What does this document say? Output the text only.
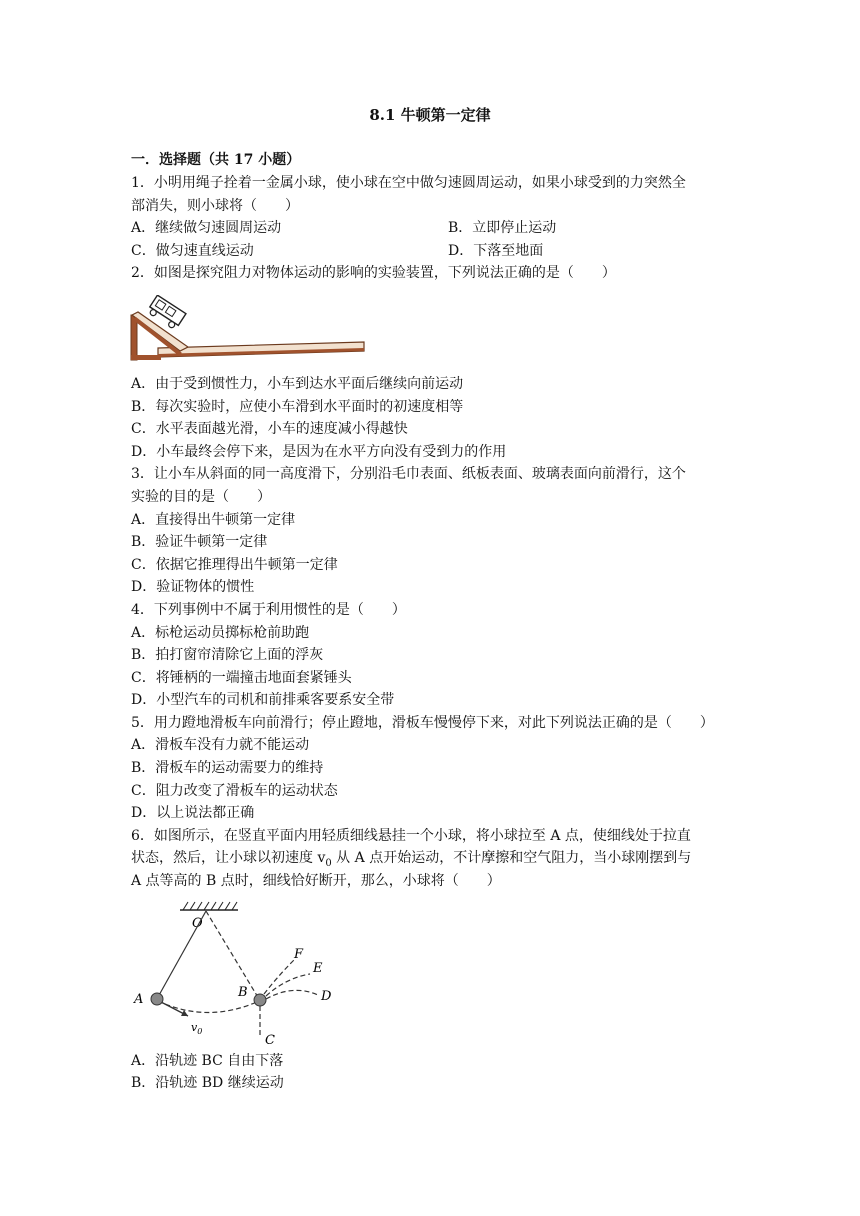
8.1 牛顿第一定律
一．选择题（共 17 小题）
1．小明用绳子拴着一金属小球，使小球在空中做匀速圆周运动，如果小球受到的力突然全
部消失，则小球将（　　）
A．继续做匀速圆周运动	B．立即停止运动
C．做匀速直线运动	D．下落至地面
2．如图是探究阻力对物体运动的影响的实验装置，下列说法正确的是（　　）
A．由于受到惯性力，小车到达水平面后继续向前运动
B．每次实验时，应使小车滑到水平面时的初速度相等
C．水平表面越光滑，小车的速度减小得越快
D．小车最终会停下来，是因为在水平方向没有受到力的作用
3．让小车从斜面的同一高度滑下，分别沿毛巾表面、纸板表面、玻璃表面向前滑行，这个
实验的目的是（　　）
A．直接得出牛顿第一定律
B．验证牛顿第一定律
C．依据它推理得出牛顿第一定律
D．验证物体的惯性
4．下列事例中不属于利用惯性的是（　　）
A．标枪运动员掷标枪前助跑
B．拍打窗帘清除它上面的浮灰
C．将锤柄的一端撞击地面套紧锤头
D．小型汽车的司机和前排乘客要系安全带
5．用力蹬地滑板车向前滑行；停止蹬地，滑板车慢慢停下来，对此下列说法正确的是（　　）
A．滑板车没有力就不能运动
B．滑板车的运动需要力的维持
C．阻力改变了滑板车的运动状态
D．以上说法都正确
6．如图所示，在竖直平面内用轻质细线悬挂一个小球，将小球拉至 A 点，使细线处于拉直
状态，然后，让小球以初速度 $v_0$ 从 A 点开始运动，不计摩擦和空气阻力，当小球刚摆到与
A 点等高的 B 点时，细线恰好断开，那么，小球将（　　）
O
$v_0$
A	B
C
D
E
F
A．沿轨迹 BC 自由下落
B．沿轨迹 BD 继续运动
